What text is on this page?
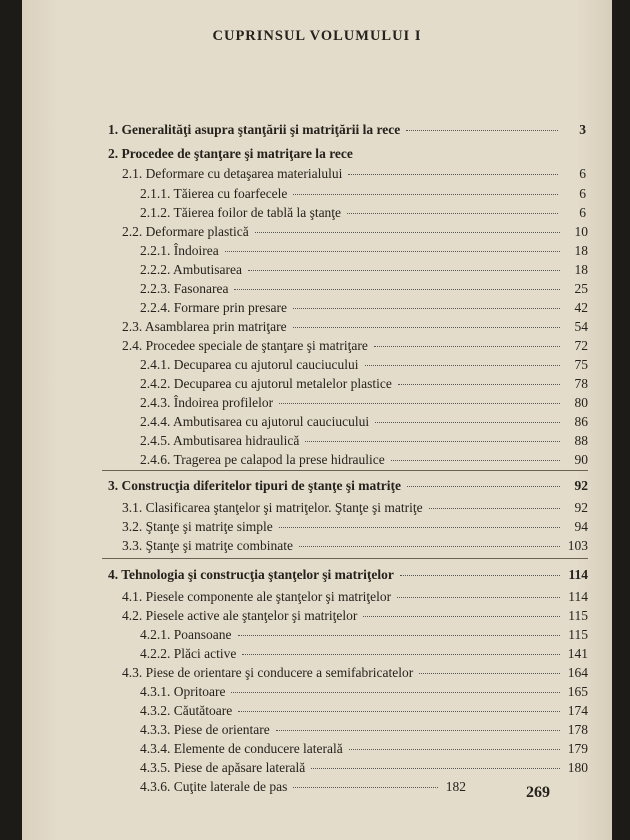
CUPRINSUL VOLUMULUI I
1. Generalităţi asupra ştanţării şi matriţării la rece	3
2. Procedee de ştanţare şi matriţare la rece
2.1. Deformare cu detaşarea materialului	6
2.1.1. Tăierea cu foarfecele	6
2.1.2. Tăierea foilor de tablă la ştanţe	6
2.2. Deformare plastică	10
2.2.1. Îndoirea	18
2.2.2. Ambutisarea	18
2.2.3. Fasonarea	25
2.2.4. Formare prin presare	42
2.3. Asamblarea prin matriţare	54
2.4. Procedee speciale de ştanţare şi matriţare	72
2.4.1. Decuparea cu ajutorul cauciucului	75
2.4.2. Decuparea cu ajutorul metalelor plastice	78
2.4.3. Îndoirea profilelor	80
2.4.4. Ambutisarea cu ajutorul cauciucului	86
2.4.5. Ambutisarea hidraulică	88
2.4.6. Tragerea pe calapod la prese hidraulice	90
3. Construcţia diferitelor tipuri de ştanţe şi matriţe	92
3.1. Clasificarea ştanţelor şi matriţelor. Ştanţe şi matriţe	92
3.2. Ştanţe şi matriţe simple	94
3.3. Ştanţe şi matriţe combinate	103
4. Tehnologia şi construcţia ştanţelor şi matriţelor	114
4.1. Piesele componente ale ştanţelor şi matriţelor	114
4.2. Piesele active ale ştanţelor şi matriţelor	115
4.2.1. Poansoane	115
4.2.2. Plăci active	141
4.3. Piese de orientare şi conducere a semifabricatelor	164
4.3.1. Opritoare	165
4.3.2. Căutătoare	174
4.3.3. Piese de orientare	178
4.3.4. Elemente de conducere laterală	179
4.3.5. Piese de apăsare laterală	180
4.3.6. Cuţite laterale de pas	182	269
